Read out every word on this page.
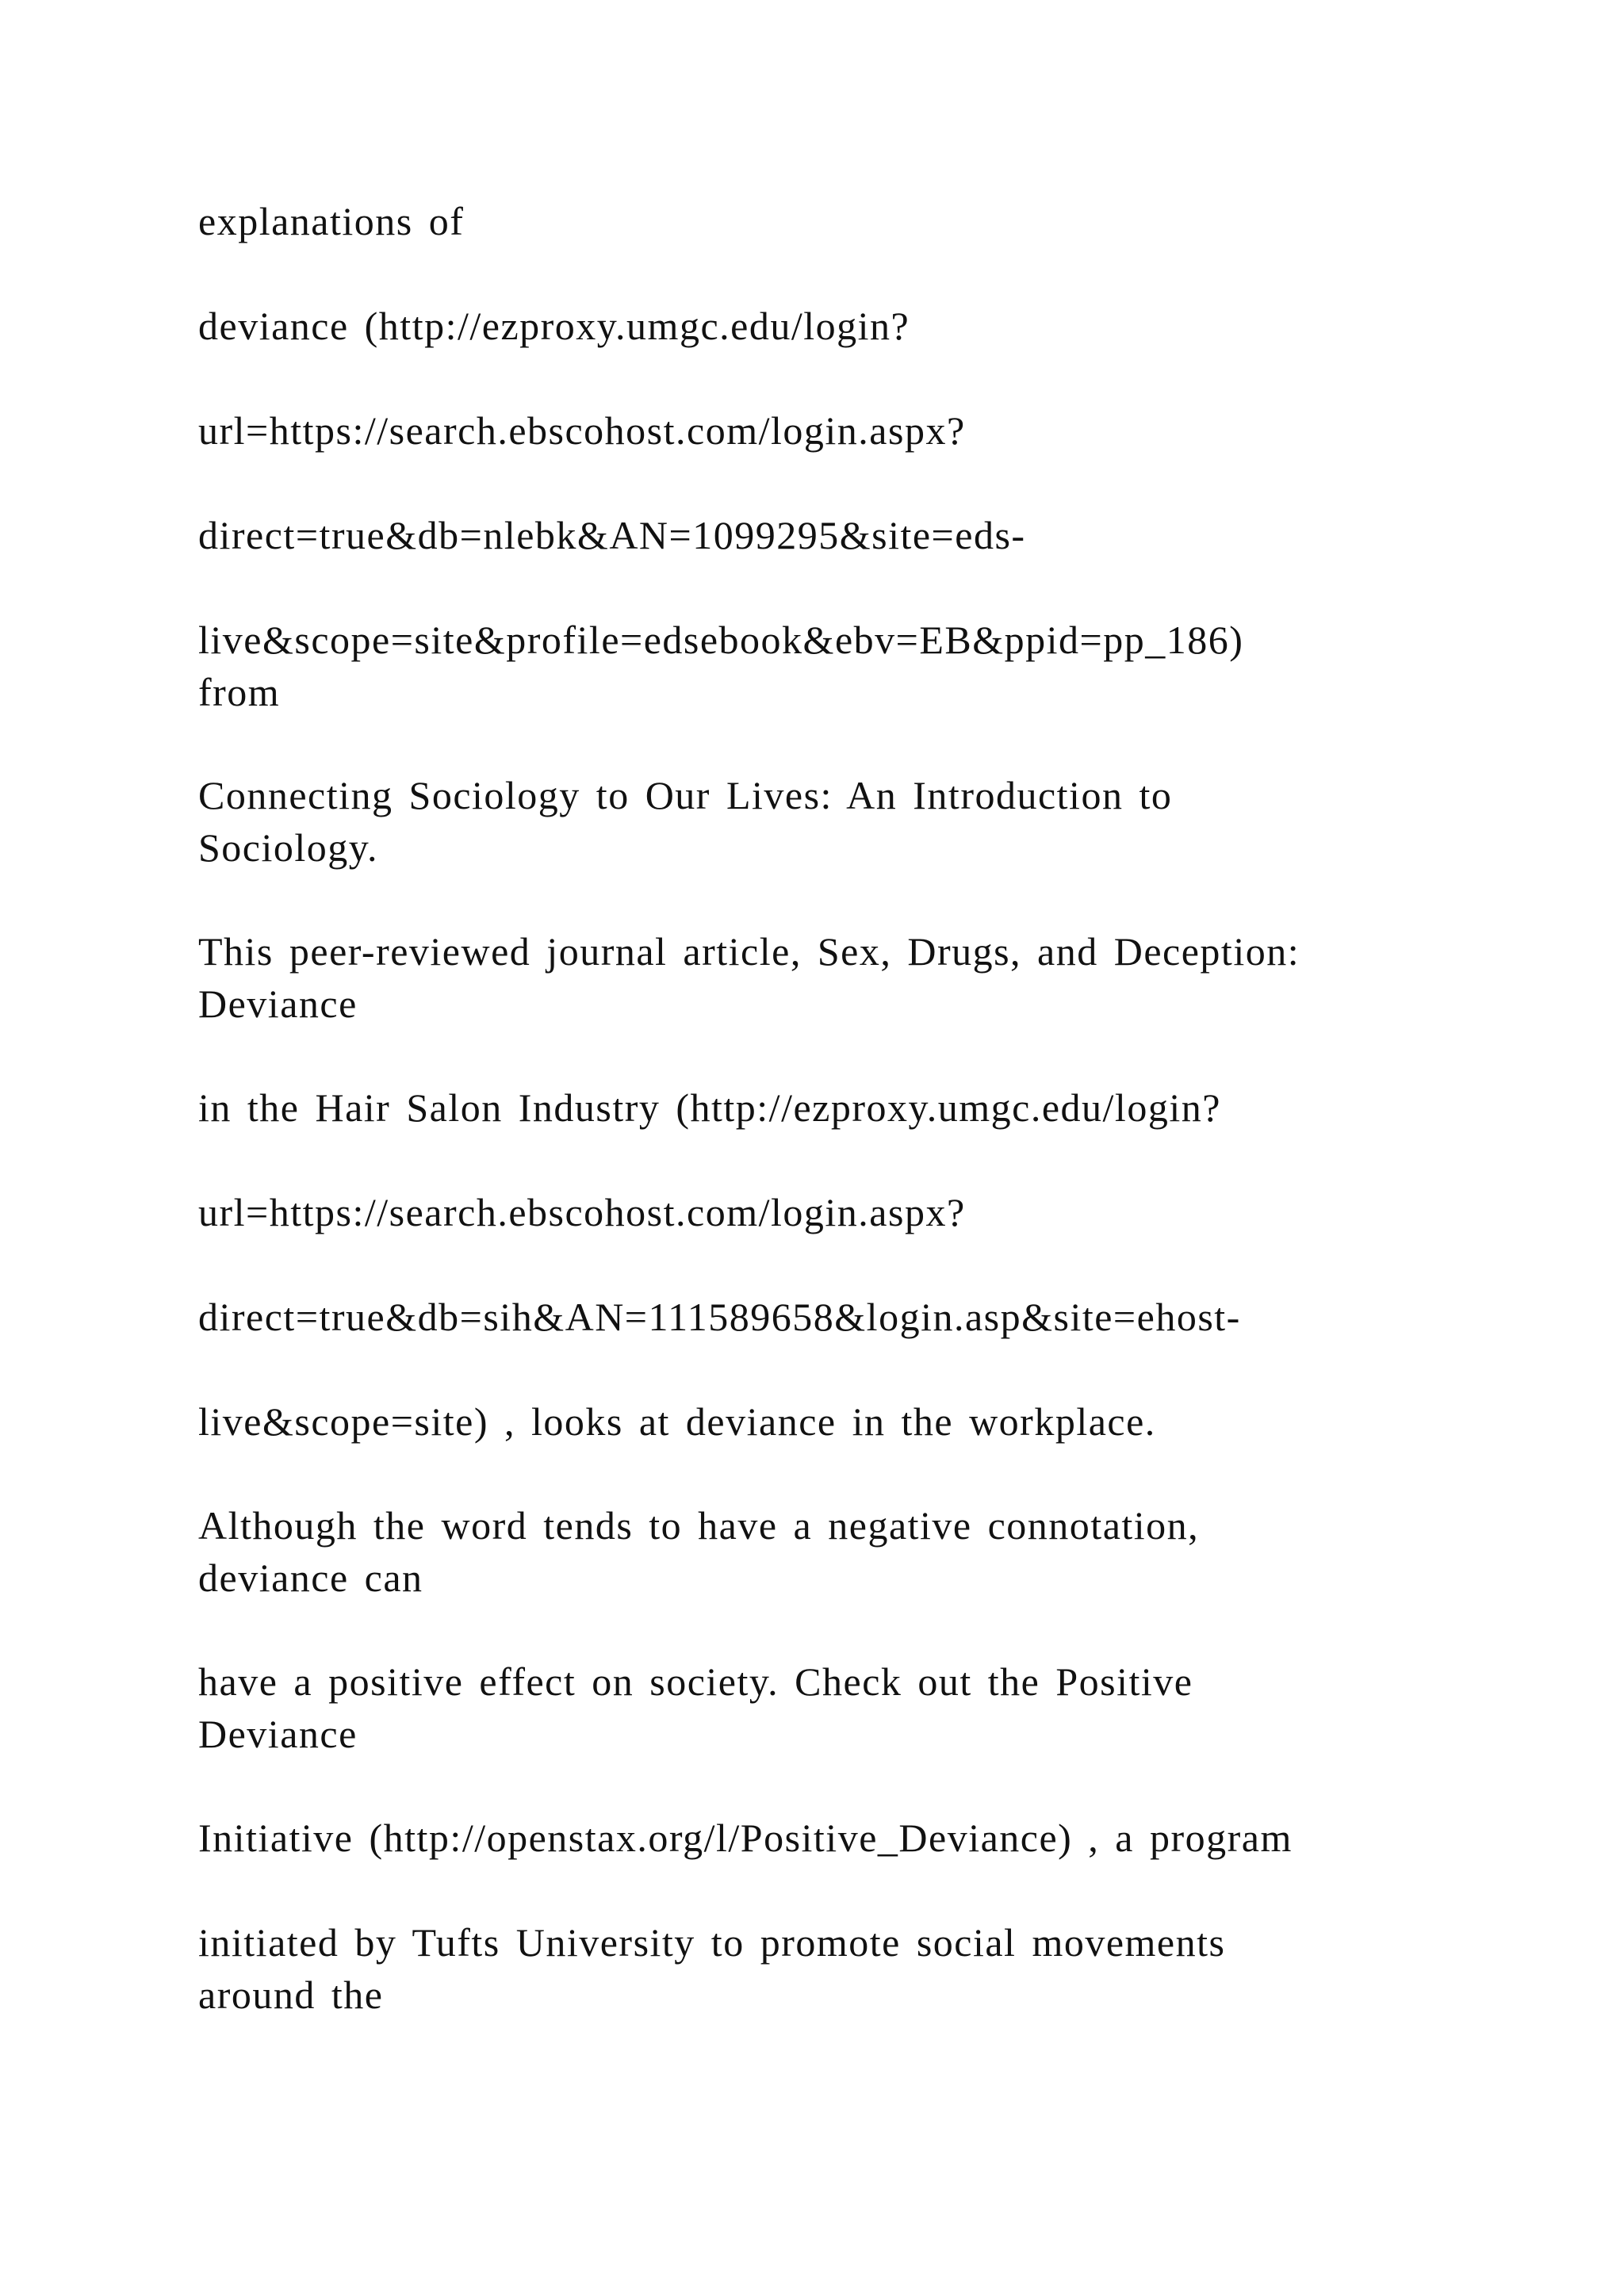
explanations of

deviance (http://ezproxy.umgc.edu/login?

url=https://search.ebscohost.com/login.aspx?

direct=true&db=nlebk&AN=1099295&site=eds-

live&scope=site&profile=edsebook&ebv=EB&ppid=pp_186)
from

Connecting Sociology to Our Lives: An Introduction to
Sociology.

This peer-reviewed journal article, Sex, Drugs, and Deception:
Deviance

in the Hair Salon Industry (http://ezproxy.umgc.edu/login?

url=https://search.ebscohost.com/login.aspx?

direct=true&db=sih&AN=111589658&login.asp&site=ehost-

live&scope=site) , looks at deviance in the workplace.

Although the word tends to have a negative connotation,
deviance can

have a positive effect on society. Check out the Positive
Deviance

Initiative (http://openstax.org/l/Positive_Deviance) , a program

initiated by Tufts University to promote social movements
around the
